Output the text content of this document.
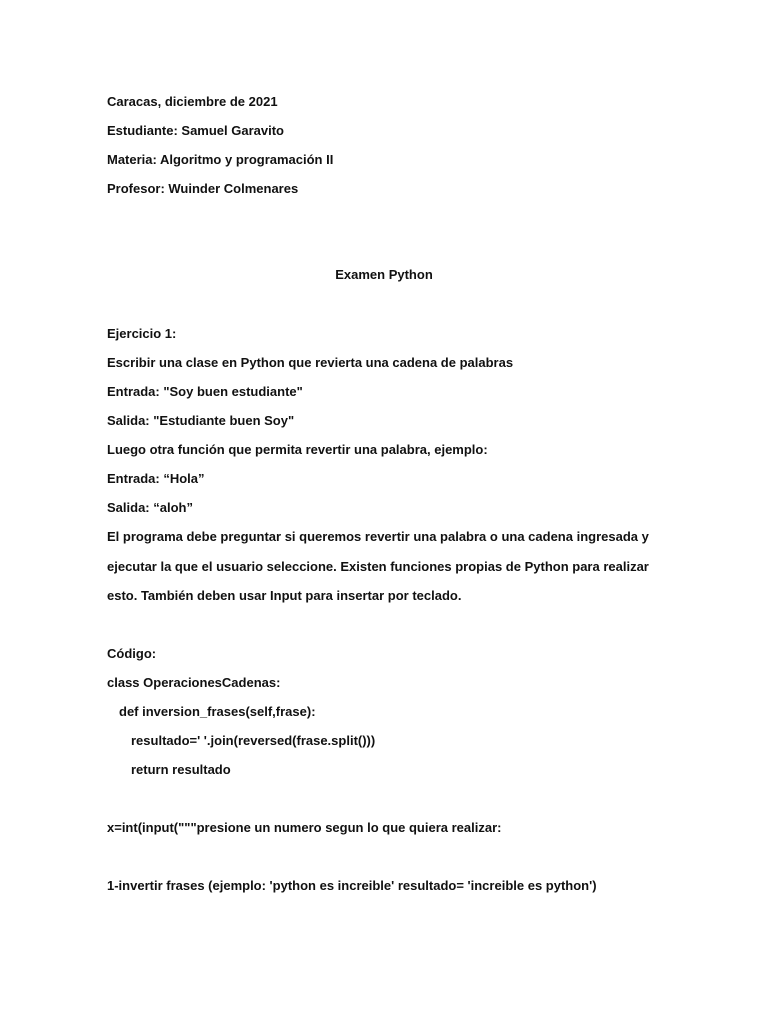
Caracas, diciembre de 2021
Estudiante: Samuel Garavito
Materia: Algoritmo y programación II
Profesor: Wuinder Colmenares
Examen Python
Ejercicio 1:
Escribir una clase en Python que revierta una cadena de palabras
Entrada: "Soy buen estudiante"
Salida: "Estudiante buen Soy"
Luego otra función que permita revertir una palabra, ejemplo:
Entrada: “Hola”
Salida: “aloh”
El programa debe preguntar si queremos revertir una palabra o una cadena ingresada y
ejecutar la que el usuario seleccione. Existen funciones propias de Python para realizar
esto. También deben usar Input para insertar por teclado.
Código:
class OperacionesCadenas:
def inversion_frases(self,frase):
resultado=' '.join(reversed(frase.split()))
return resultado
x=int(input("""presione un numero segun lo que quiera realizar:
1-invertir frases (ejemplo: 'python es increible' resultado= 'increible es python')
